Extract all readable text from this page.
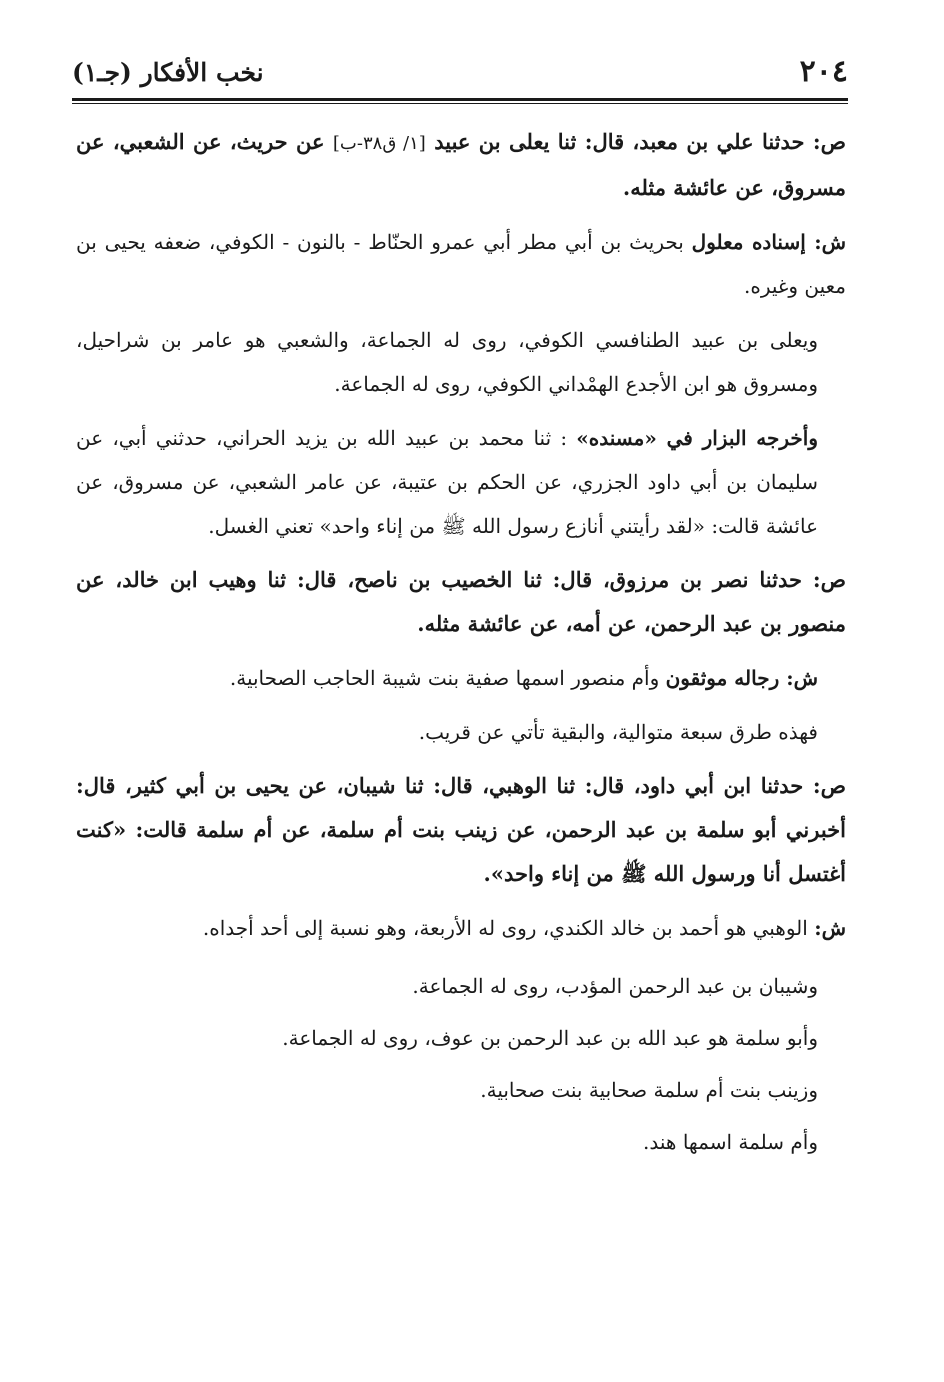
٢٠٤
نخب الأفكار (جـ١)

ص: حدثنا علي بن معبد، قال: ثنا يعلى بن عبيد [١/ ق٣٨-ب] عن حريث، عن الشعبي، عن مسروق، عن عائشة مثله.

ش: إسناده معلول بحريث بن أبي مطر أبي عمرو الحنّاط - بالنون - الكوفي، ضعفه يحيى بن معين وغيره.

ويعلى بن عبيد الطنافسي الكوفي، روى له الجماعة، والشعبي هو عامر بن شراحيل، ومسروق هو ابن الأجدع الهمْداني الكوفي، روى له الجماعة.

وأخرجه البزار في «مسنده» : ثنا محمد بن عبيد الله بن يزيد الحراني، حدثني أبي، عن سليمان بن أبي داود الجزري، عن الحكم بن عتيبة، عن عامر الشعبي، عن مسروق، عن عائشة قالت: «لقد رأيتني أنازع رسول الله ﷺ من إناء واحد» تعني الغسل.

ص: حدثنا نصر بن مرزوق، قال: ثنا الخصيب بن ناصح، قال: ثنا وهيب ابن خالد، عن منصور بن عبد الرحمن، عن أمه، عن عائشة مثله.

ش: رجاله موثقون وأم منصور اسمها صفية بنت شيبة الحاجب الصحابية.

فهذه طرق سبعة متوالية، والبقية تأتي عن قريب.

ص: حدثنا ابن أبي داود، قال: ثنا الوهبي، قال: ثنا شيبان، عن يحيى بن أبي كثير، قال: أخبرني أبو سلمة بن عبد الرحمن، عن زينب بنت أم سلمة، عن أم سلمة قالت: «كنت أغتسل أنا ورسول الله ﷺ من إناء واحد».

ش: الوهبي هو أحمد بن خالد الكندي، روى له الأربعة، وهو نسبة إلى أحد أجداه.

وشيبان بن عبد الرحمن المؤدب، روى له الجماعة.

وأبو سلمة هو عبد الله بن عبد الرحمن بن عوف، روى له الجماعة.

وزينب بنت أم سلمة صحابية بنت صحابية.

وأم سلمة اسمها هند.
